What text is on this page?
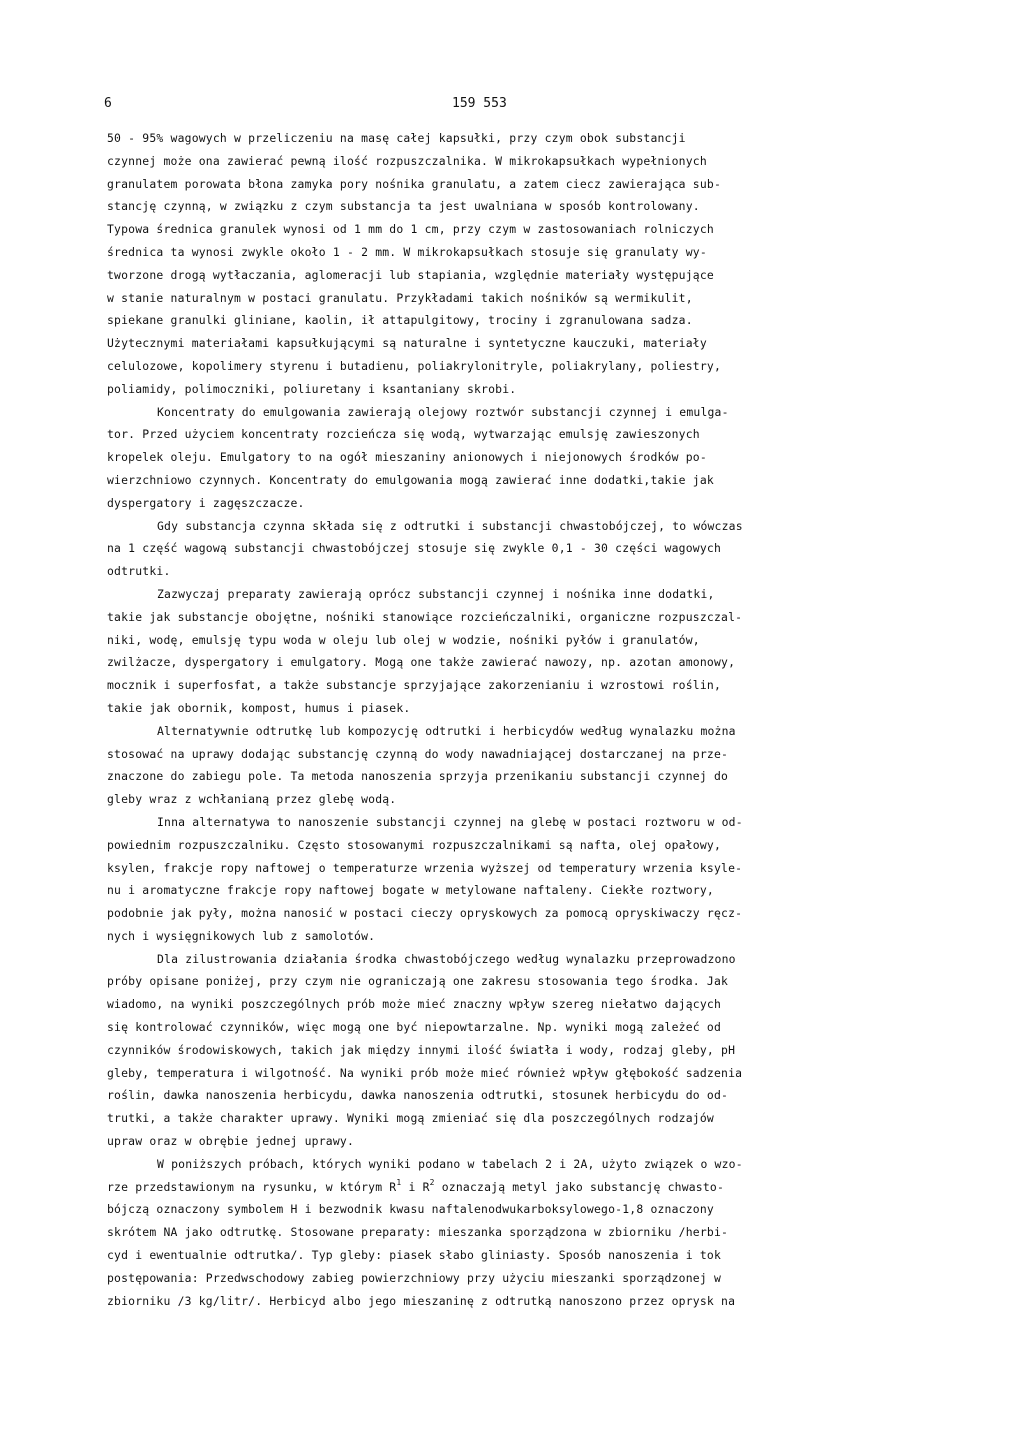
6	159 553
50 - 95% wagowych w przeliczeniu na masę całej kapsułki, przy czym obok substancji
czynnej może ona zawierać pewną ilość rozpuszczalnika. W mikrokapsułkach wypełnionych
granulatem porowata błona zamyka pory nośnika granulatu, a zatem ciecz zawierająca sub-
stancję czynną, w związku z czym substancja ta jest uwalniana w sposób kontrolowany.
Typowa średnica granulek wynosi od 1 mm do 1 cm, przy czym w zastosowaniach rolniczych
średnica ta wynosi zwykle około 1 - 2 mm. W mikrokapsułkach stosuje się granulaty wy-
tworzone drogą wytłaczania, aglomeracji lub stapiania, względnie materiały występujące
w stanie naturalnym w postaci granulatu. Przykładami takich nośników są wermikulit,
spiekane granulki gliniane, kaolin, ił attapulgitowy, trociny i zgranulowana sadza.
Użytecznymi materiałami kapsułkującymi są naturalne i syntetyczne kauczuki, materiały
celulozowe, kopolimery styrenu i butadienu, poliakrylonitryle, poliakrylany, poliestry,
poliamidy, polimoczniki, poliuretany i ksantaniany skrobi.
Koncentraty do emulgowania zawierają olejowy roztwór substancji czynnej i emulga-
tor. Przed użyciem koncentraty rozcieńcza się wodą, wytwarzając emulsję zawieszonych
kropelek oleju. Emulgatory to na ogół mieszaniny anionowych i niejonowych środków po-
wierzchniowo czynnych. Koncentraty do emulgowania mogą zawierać inne dodatki,takie jak
dyspergatory i zagęszczacze.
Gdy substancja czynna składa się z odtrutki i substancji chwastobójczej, to wówczas
na 1 część wagową substancji chwastobójczej stosuje się zwykle 0,1 - 30 części wagowych
odtrutki.
Zazwyczaj preparaty zawierają oprócz substancji czynnej i nośnika inne dodatki,
takie jak substancje obojętne, nośniki stanowiące rozcieńczalniki, organiczne rozpuszczal-
niki, wodę, emulsję typu woda w oleju lub olej w wodzie, nośniki pyłów i granulatów,
zwilżacze, dyspergatory i emulgatory. Mogą one także zawierać nawozy, np. azotan amonowy,
mocznik i superfosfat, a także substancje sprzyjające zakorzenianiu i wzrostowi roślin,
takie jak obornik, kompost, humus i piasek.
Alternatywnie odtrutkę lub kompozycję odtrutki i herbicydów według wynalazku można
stosować na uprawy dodając substancję czynną do wody nawadniającej dostarczanej na prze-
znaczone do zabiegu pole. Ta metoda nanoszenia sprzyja przenikaniu substancji czynnej do
gleby wraz z wchłanianą przez glebę wodą.
Inna alternatywa to nanoszenie substancji czynnej na glebę w postaci roztworu w od-
powiednim rozpuszczalniku. Często stosowanymi rozpuszczalnikami są nafta, olej opałowy,
ksylen, frakcje ropy naftowej o temperaturze wrzenia wyższej od temperatury wrzenia ksyle-
nu i aromatyczne frakcje ropy naftowej bogate w metylowane naftaleny. Ciekłe roztwory,
podobnie jak pyły, można nanosić w postaci cieczy opryskowych za pomocą opryskiwaczy ręcz-
nych i wysięgnikowych lub z samolotów.
Dla zilustrowania działania środka chwastobójczego według wynalazku przeprowadzono
próby opisane poniżej, przy czym nie ograniczają one zakresu stosowania tego środka. Jak
wiadomo, na wyniki poszczególnych prób może mieć znaczny wpływ szereg niełatwo dających
się kontrolować czynników, więc mogą one być niepowtarzalne. Np. wyniki mogą zależeć od
czynników środowiskowych, takich jak między innymi ilość światła i wody, rodzaj gleby, pH
gleby, temperatura i wilgotność. Na wyniki prób może mieć również wpływ głębokość sadzenia
roślin, dawka nanoszenia herbicydu, dawka nanoszenia odtrutki, stosunek herbicydu do od-
trutki, a także charakter uprawy. Wyniki mogą zmieniać się dla poszczególnych rodzajów
upraw oraz w obrębie jednej uprawy.
W poniższych próbach, których wyniki podano w tabelach 2 i 2A, użyto związek o wzo-
rze przedstawionym na rysunku, w którym $R^1$ i $R^2$ oznaczają metyl jako substancję chwasto-
bójczą oznaczony symbolem H i bezwodnik kwasu naftalenodwukarboksylowego-1,8 oznaczony
skrótem NA jako odtrutkę. Stosowane preparaty: mieszanka sporządzona w zbiorniku /herbi-
cyd i ewentualnie odtrutka/. Typ gleby: piasek słabo gliniasty. Sposób nanoszenia i tok
postępowania: Przedwschodowy zabieg powierzchniowy przy użyciu mieszanki sporządzonej w
zbiorniku /3 kg/litr/. Herbicyd albo jego mieszaninę z odtrutką nanoszono przez oprysk na
